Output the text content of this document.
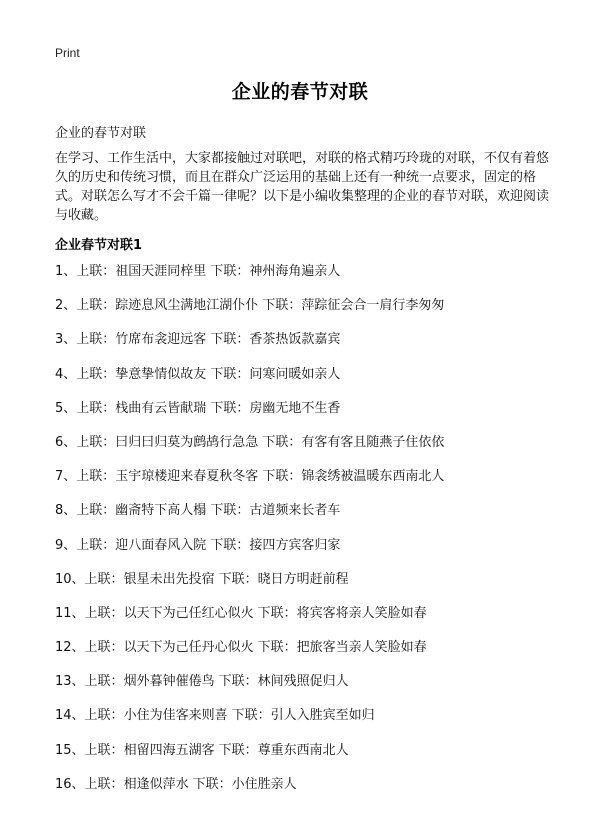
Print
企业的春节对联
企业的春节对联
在学习、工作生活中，大家都接触过对联吧，对联的格式精巧玲珑的对联，不仅有着悠久的历史和传统习惯，而且在群众广泛运用的基础上还有一种统一点要求，固定的格式。对联怎么写才不会千篇一律呢？以下是小编收集整理的企业的春节对联，欢迎阅读与收藏。
企业春节对联1
1、上联：祖国天涯同梓里 下联：神州海角遍亲人
2、上联：踪迹息风尘满地江湖仆仆 下联：萍踪征会合一肩行李匆匆
3、上联：竹席布衾迎远客 下联：香茶热饭款嘉宾
4、上联：挚意挚情似故友 下联：问寒问暖如亲人
5、上联：栈曲有云皆献瑞 下联：房幽无地不生香
6、上联：曰归曰归莫为鹧鸪行急急 下联：有客有客且随燕子住依依
7、上联：玉宇琼楼迎来春夏秋冬客 下联：锦衾绣被温暖东西南北人
8、上联：幽斋特下高人榻 下联：古道频来长者车
9、上联：迎八面春风入院 下联：接四方宾客归家
10、上联：银星未出先投宿 下联：晓日方明赶前程
11、上联：以天下为己任红心似火 下联：将宾客将亲人笑脸如春
12、上联：以天下为己任丹心似火 下联：把旅客当亲人笑脸如春
13、上联：烟外暮钟催倦鸟 下联：林间残照促归人
14、上联：小住为佳客来则喜 下联：引人入胜宾至如归
15、上联：相留四海五湖客 下联：尊重东西南北人
16、上联：相逢似萍水 下联：小住胜亲人
